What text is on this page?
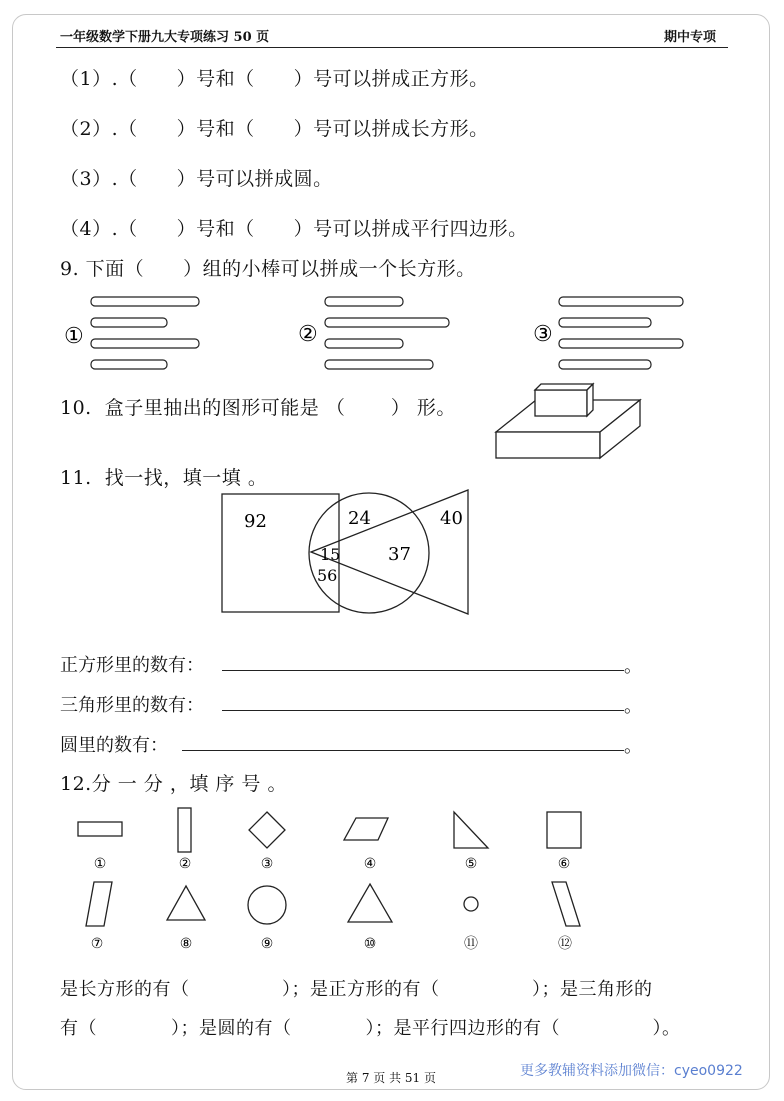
一年级数学下册九大专项练习 50 页	期中专项
（1）.（　　）号和（　　）号可以拼成正方形。
（2）.（　　）号和（　　）号可以拼成长方形。
（3）.（　　）号可以拼成圆。
（4）.（　　）号和（　　）号可以拼成平行四边形。
9. 下面（　　）组的小棒可以拼成一个长方形。
①	②	③
92	24	40
15	37
56
①	②	③	④	⑤	⑥
⑦	⑧	⑨	⑩	⑪	⑫
10.  盒子里抽出的图形可能是 （　　 ） 形。
11.  找一找，填一填 。
正方形里的数有：	。
三角形里的数有：	。
圆里的数有：	。
12.分 一 分 ，填 序 号 。
是长方形的有（　　　　　）；是正方形的有（　　　　　）；是三角形的
有（　　　　）；是圆的有（　　　　）；是平行四边形的有（　　　　　）。
第 7 页 共 51 页	更多教辅资料添加微信：cyeo0922
